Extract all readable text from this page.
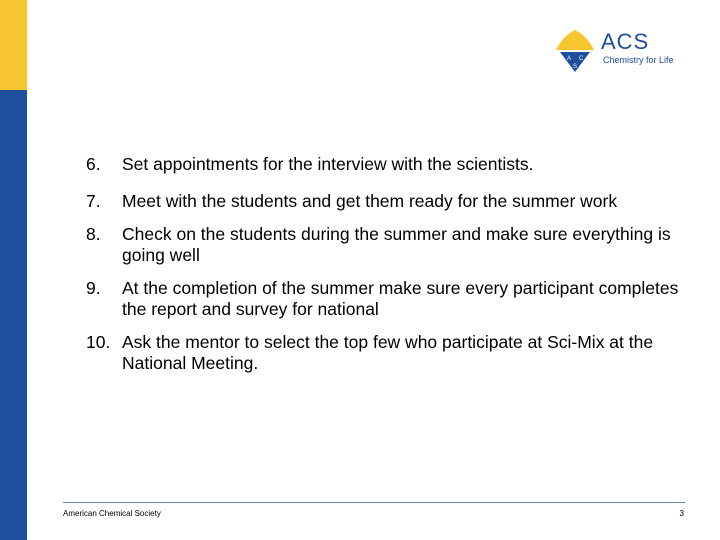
A C
S
ACS
Chemistry for Life
6. Set appointments for the interview with the scientists.
7. Meet with the students and get them ready for the summer work
8. Check on the students during the summer and make sure everything is going well
9. At the completion of the summer make sure every participant completes the report and survey for national
10. Ask the mentor to select the top few who participate at Sci-Mix at the National Meeting.
American Chemical Society	3
